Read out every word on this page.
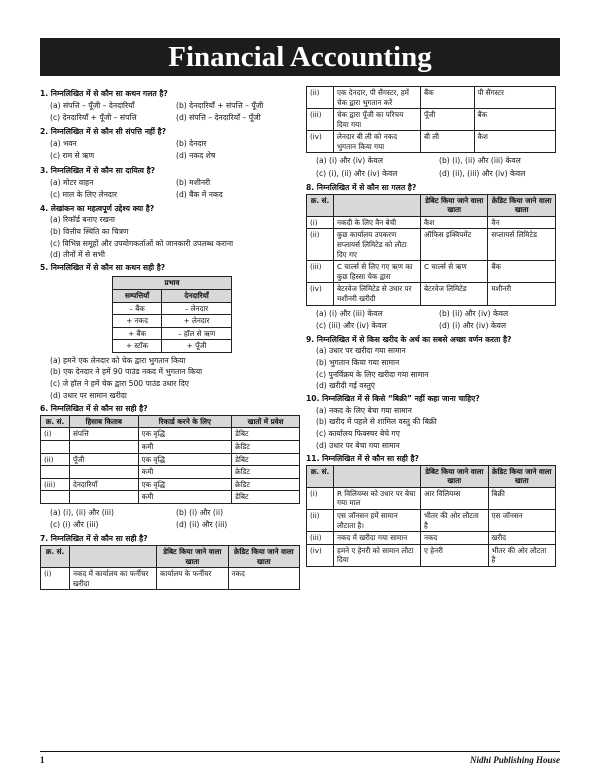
Financial Accounting
1. निम्नलिखित में से कौन सा कथन गलत है?
(a) संपत्ति – पूँजी – देनदारियाँ	(b) देनदारियाँ + संपत्ति – पूँजी
(c) देनदारियाँ + पूँजी – संपत्ति	(d) संपत्ति – देनदारियाँ – पूँजी
2. निम्नलिखित में से कौन सी संपत्ति नहीं है?
(a) भवन	(b) देनदार
(c) राम से ऋण	(d) नकद शेष
3. निम्नलिखित में से कौन सा दायित्व है?
(a) मोटर वाहन	(b) मशीनरी
(c) माल के लिए लेनदार	(d) बैंक में नकद
4. लेखांकन का महत्वपूर्ण उद्देश्य क्या है?
(a) रिकॉर्ड बनाए रखना
(b) वित्तीय स्थिति का चित्रण
(c) विभिन्न समूहों और उपयोगकर्ताओं को जानकारी उपलब्ध कराना
(d) तीनों में से सभी
5. निम्नलिखित में से कौन सा कथन सही है?
प्रभाव	
सम्पत्तियाँ	देनदारियाँ
– बैंक	– लेनदार
+ नकद	+ लेनदार
+ बैंक	– हॉल से ऋण
+ स्टॉक	+ पूँजी
(a) हमने एक लेनदार को चेक द्वारा भुगतान किया
(b) एक देनदार ने हमें 90 पाउंड नकद में भुगतान किया
(c) जे हॉल ने हमें चेक द्वारा 500 पाउंड उधार दिए
(d) उधार पर सामान खरीदा
6. निम्नलिखित में से कौन सा सही है?
क्र. सं.	हिसाब किताब	रिकार्ड करने के लिए	खातों में प्रवेश
(i)	संपत्ति	एक वृद्धि	डेबिट
		कमी	क्रेडिट
(ii)	पूँजी	एक वृद्धि	डेबिट
		कमी	क्रेडिट
(iii)	देनदारियाँ	एक वृद्धि	क्रेडिट
		कमी	डेबिट
(a) (i), (ii) और (iii)	(b) (i) और (ii)
(c) (i) और (iii)	(d) (ii) और (iii)
7. निम्नलिखित में से कौन सा सही है?
क्र. सं.		डेबिट किया जाने वाला खाता	क्रेडिट किया जाने वाला खाता
(i)	नकद में कार्यालय का फर्नीचर खरीदा	कार्यालय के फर्नीचर	नकद
(ii)	एक देनदार, पी सैंगस्टर, हमें चेक द्वारा भुगतान करें	बैंक	पी सैंगस्टर
(iii)	चेक द्वारा पूँजी का परिचय दिया गया	पूँजी	बैंक
(iv)	लेनदार बी ली को नकद भुगतान किया गया	बी ली	कैश
(a) (i) और (iv) केवल	(b) (i), (ii) और (iii) केवल
(c) (i), (ii) और (iv) केवल	(d) (ii), (iii) और (iv) केवल
8. निम्नलिखित में से कौन सा गलत है?
क्र. सं.		डेबिट किया जाने वाला खाता	क्रेडिट किया जाने वाला खाता
(i)	नकदी के लिए वैन बेची	कैश	वैन
(ii)	कुछ कार्यालय उपकरण सप्लायर्स लिमिटेड को लौटा दिए गए	ऑफिस इक्विपमेंट	सप्लायर्स लिमिटेड
(iii)	C चार्ल्स से लिए गए ऋण का कुछ हिस्सा चेक द्वारा	C चार्ल्स से ऋण	बैंक
(iv)	बेटरवेज लिमिटेड से उधार पर मशीनरी खरीदी	बेटरवेज लिमिटेड	मशीनरी
(a) (i) और (iii) केवल	(b) (ii) और (iv) केवल
(c) (iii) और (iv) केवल	(d) (i) और (iv) केवल
9. निम्नलिखित में से किस खरीद के अर्थ का सबसे अच्छा वर्णन करता है?
(a) उधार पर खरीदा गया सामान
(b) भुगतान किया गया सामान
(c) पुनर्विक्रय के लिए खरीदा गया सामान
(d) खरीदी गई वस्तुएं
10. निम्नलिखित में से किसे “बिक्री” नहीं कहा जाना चाहिए?
(a) नकद के लिए बेचा गया सामान
(b) खरीद में पहले से शामिल वस्तु की बिक्री
(c) कार्यालय फिक्स्चर बेचे गए
(d) उधार पर बेचा गया सामान
11. निम्नलिखित में से कौन सा सही है?
क्र. सं.		डेबिट किया जाने वाला खाता	क्रेडिट किया जाने वाला खाता
(i)	R विलियम्स को उधार पर बेचा गया माल	आर विलियम्स	बिक्री
(ii)	एस जॉनसन हमें सामान लौटाता है।	भीतर की ओर लौटता है	एस जॉनसन
(iii)	नकद में खरीदा गया सामान	नकद	खरीद
(iv)	हमने ए हेनरी को सामान लौटा दिया	ए हेनरी	भीतर की ओर लौटता है
1	Nidhi Publishing House
